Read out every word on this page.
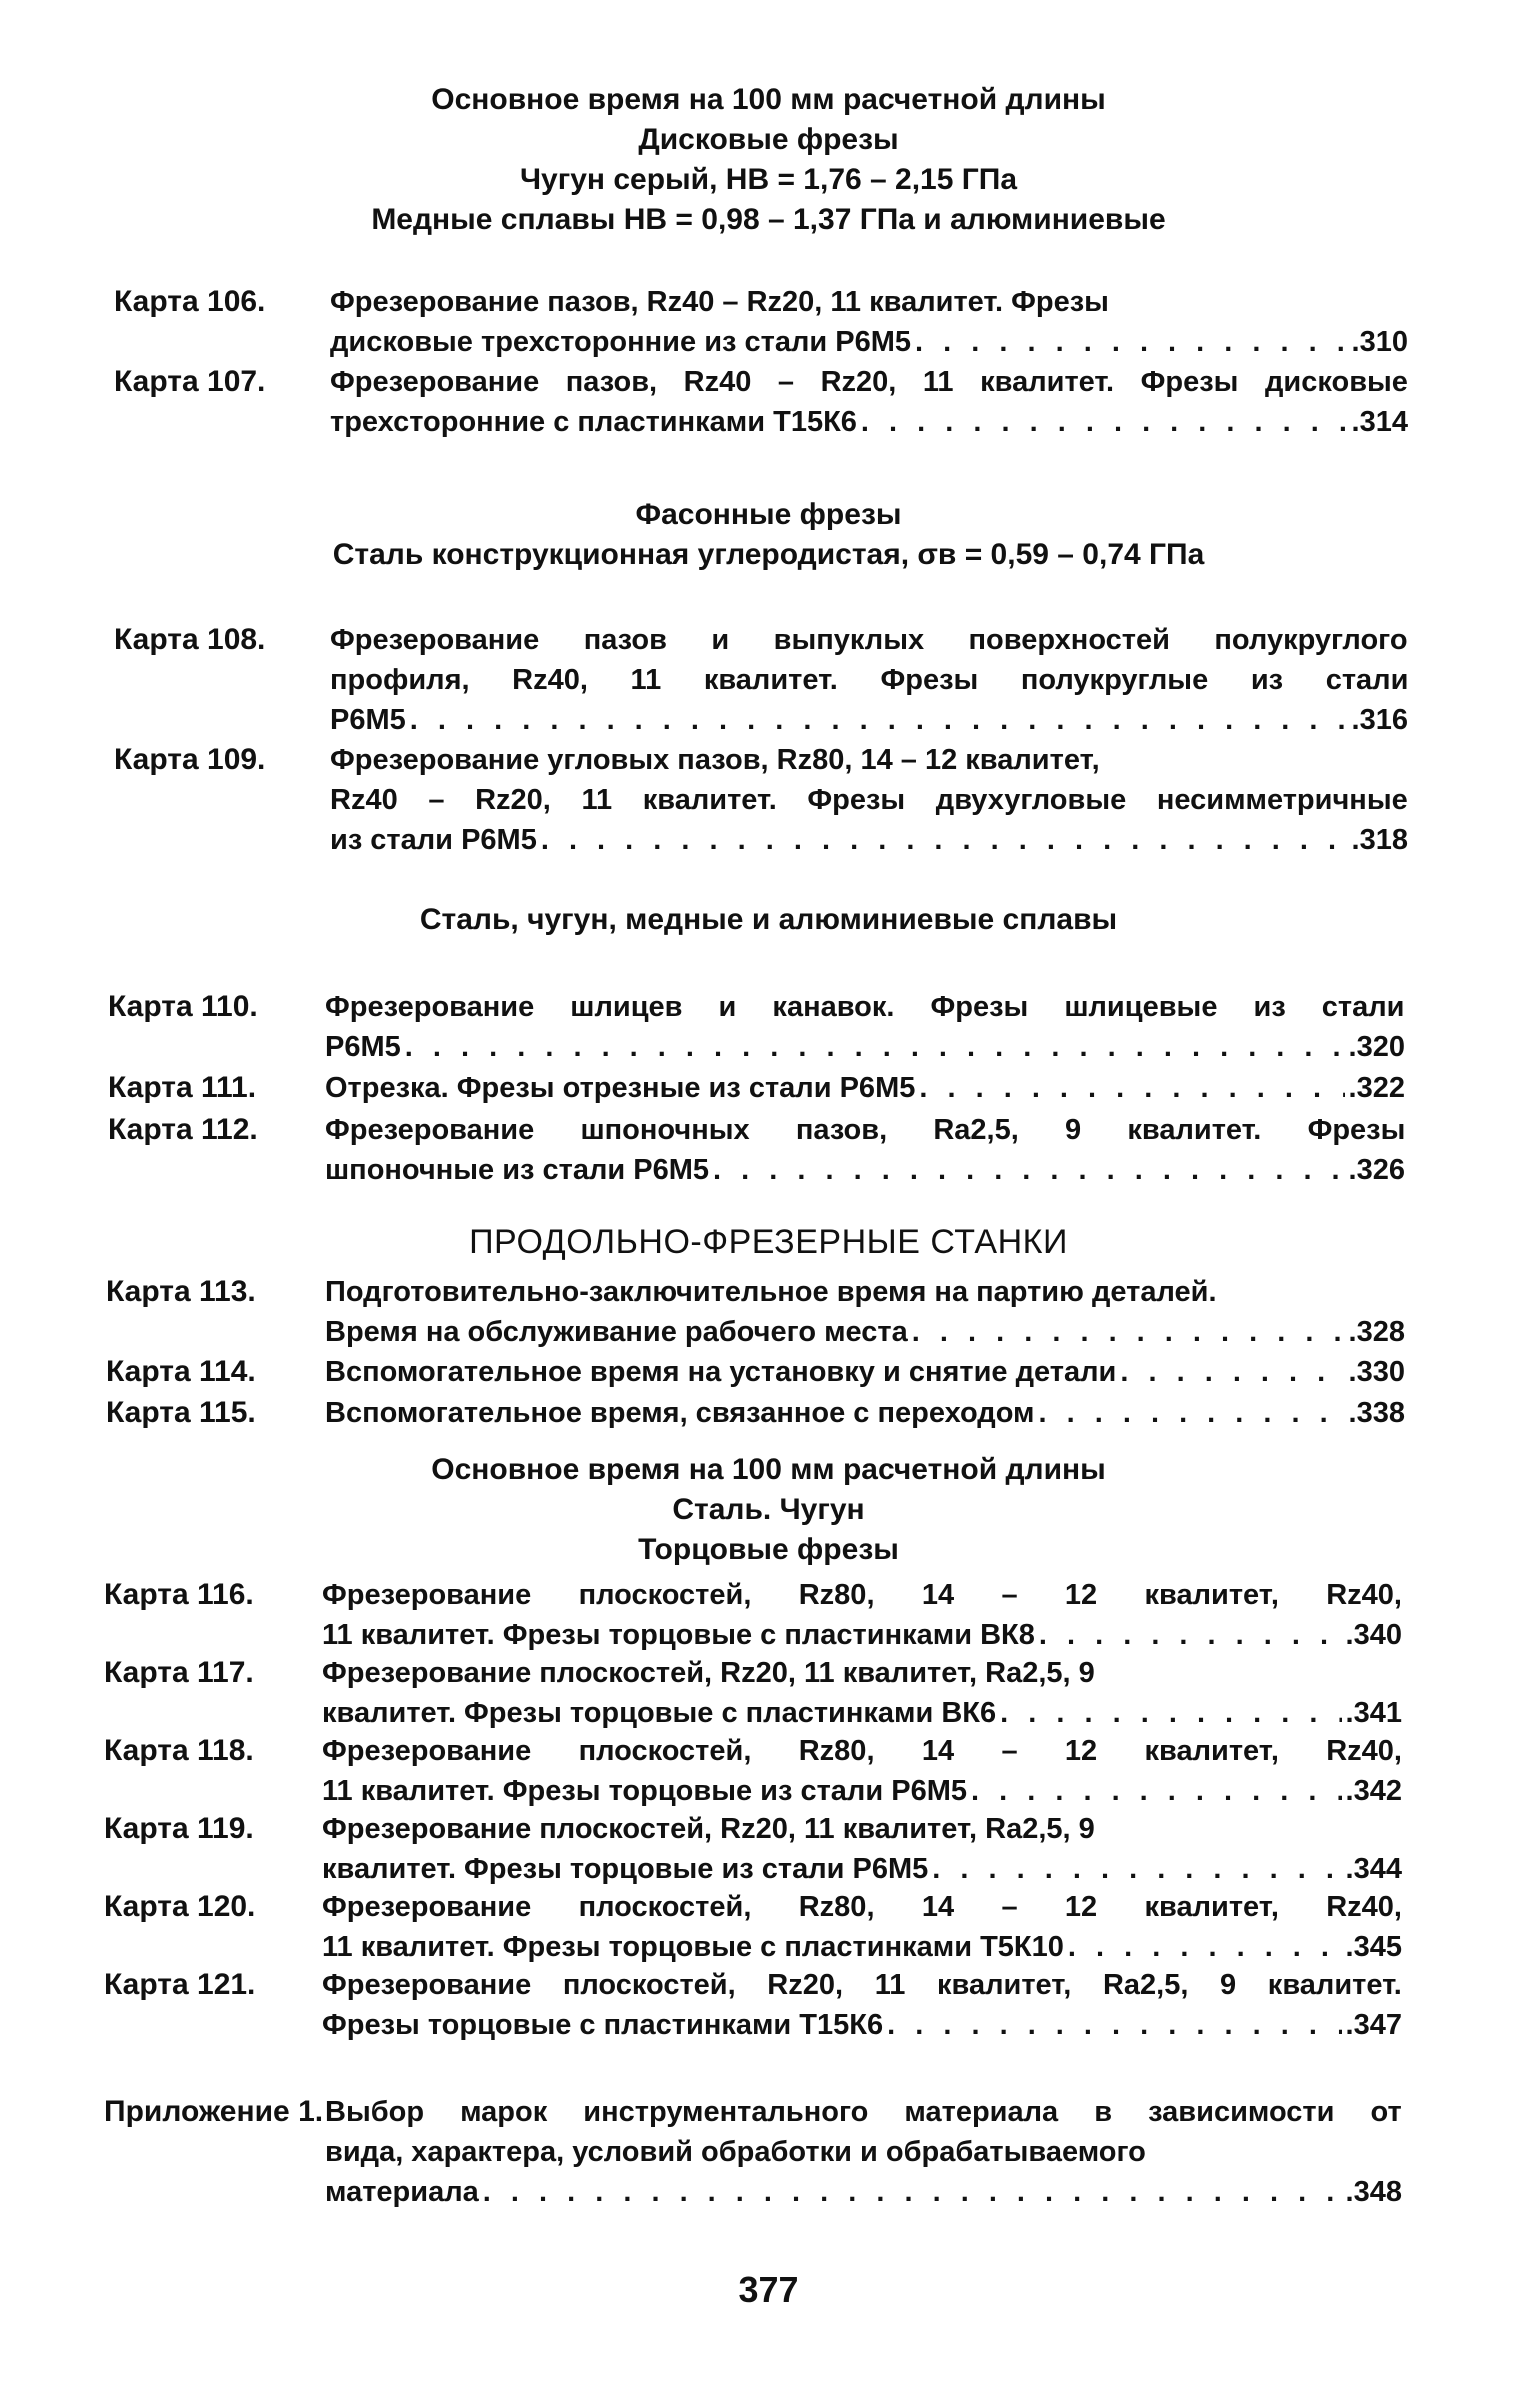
Основное время на 100 мм расчетной длины
Дисковые фрезы
Чугун серый, HB = 1,76 – 2,15 ГПа
Медные сплавы HB = 0,98 – 1,37 ГПа и алюминиевые
Карта 106. Фрезерование пазов, Rz40 – Rz20, 11 квалитет. Фрезы
дисковые трехсторонние из стали Р6М5 . . .	.310
Карта 107. Фрезерование пазов, Rz40 – Rz20, 11 квалитет. Фрезы дисковые
трехсторонние с пластинками Т15К6 . . .	.314
Фасонные фрезы
Сталь конструкционная углеродистая, σв = 0,59 – 0,74 ГПа
Карта 108. Фрезерование пазов и выпуклых поверхностей полукруглого
профиля, Rz40, 11 квалитет. Фрезы полукруглые из стали
Р6М5 . . .	.316
Карта 109. Фрезерование угловых пазов, Rz80, 14 – 12 квалитет,
Rz40 – Rz20, 11 квалитет. Фрезы двухугловые несимметричные
из стали Р6М5 . . .	.318
Сталь, чугун, медные и алюминиевые сплавы
Карта 110. Фрезерование шлицев и канавок. Фрезы шлицевые из стали
Р6М5 . . .	.320
Карта 111. Отрезка. Фрезы отрезные из стали Р6М5 . . .	.322
Карта 112. Фрезерование шпоночных пазов, Ra2,5, 9 квалитет. Фрезы
шпоночные из стали Р6М5 . . .	.326
ПРОДОЛЬНО-ФРЕЗЕРНЫЕ СТАНКИ
Карта 113. Подготовительно-заключительное время на партию деталей.
Время на обслуживание рабочего места . . .	.328
Карта 114. Вспомогательное время на установку и снятие детали . . .	.330
Карта 115. Вспомогательное время, связанное с переходом . . .	.338
Основное время на 100 мм расчетной длины
Сталь. Чугун
Торцовые фрезы
Карта 116. Фрезерование плоскостей, Rz80, 14 – 12 квалитет, Rz40,
11 квалитет. Фрезы торцовые с пластинками ВК8 . . .	.340
Карта 117. Фрезерование плоскостей, Rz20, 11 квалитет, Ra2,5, 9
квалитет. Фрезы торцовые с пластинками ВК6 . . .	.341
Карта 118. Фрезерование плоскостей, Rz80, 14 – 12 квалитет, Rz40,
11 квалитет. Фрезы торцовые из стали Р6М5 . . .	.342
Карта 119. Фрезерование плоскостей, Rz20, 11 квалитет, Ra2,5, 9
квалитет. Фрезы торцовые из стали Р6М5 . . .	.344
Карта 120. Фрезерование плоскостей, Rz80, 14 – 12 квалитет, Rz40,
11 квалитет. Фрезы торцовые с пластинками Т5К10 . . .	.345
Карта 121. Фрезерование плоскостей, Rz20, 11 квалитет, Ra2,5, 9 квалитет.
Фрезы торцовые с пластинками Т15К6 . . .	.347
Приложение 1. Выбор марок инструментального материала в зависимости от
вида, характера, условий обработки и обрабатываемого
материала . . .	.348
377
